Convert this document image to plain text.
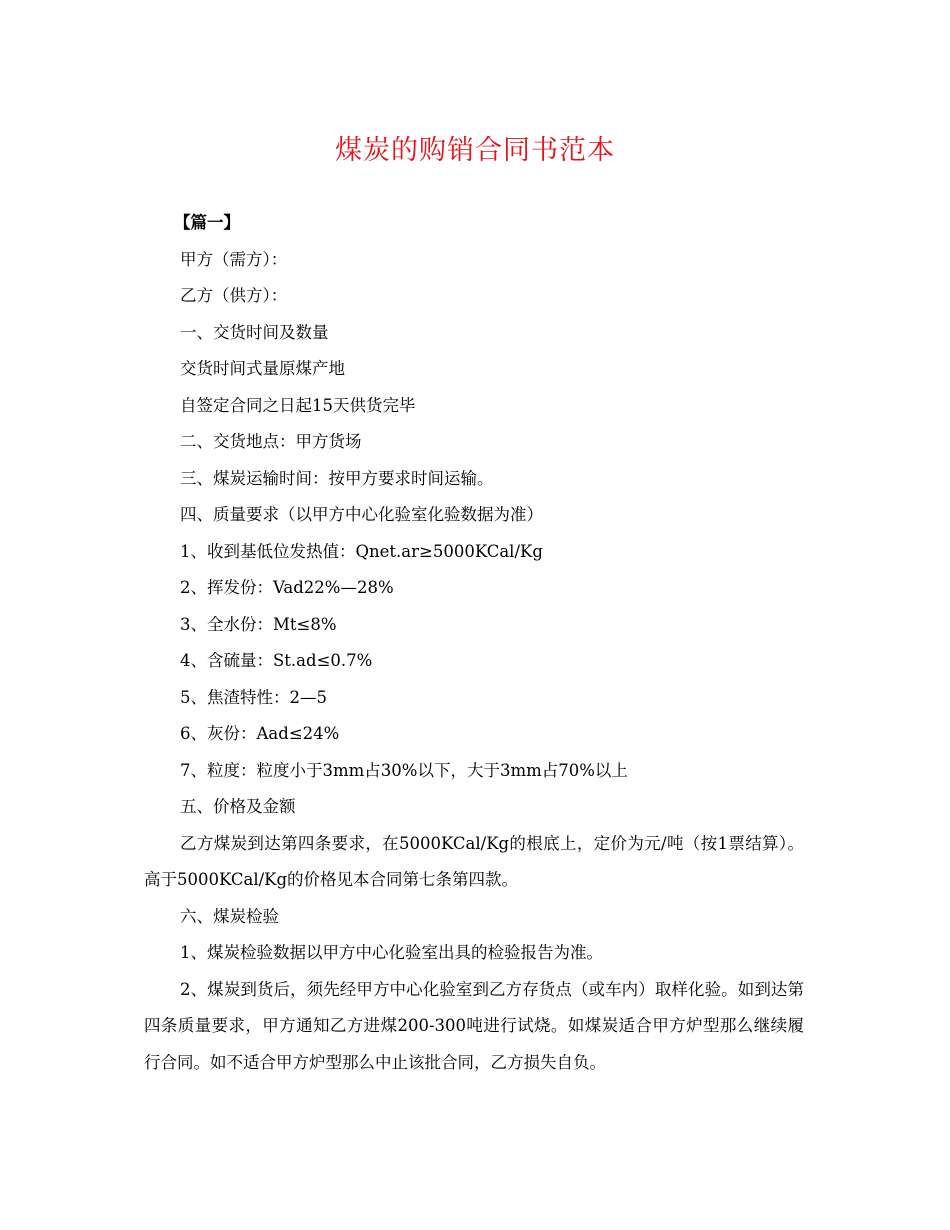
煤炭的购销合同书范本
【篇一】
甲方（需方）：
乙方（供方）：
一、交货时间及数量
交货时间式量原煤产地
自签定合同之日起15天供货完毕
二、交货地点：甲方货场
三、煤炭运输时间：按甲方要求时间运输。
四、质量要求（以甲方中心化验室化验数据为准）
1、收到基低位发热值：Qnet.ar≥5000KCal/Kg
2、挥发份：Vad22%—28%
3、全水份：Mt≤8%
4、含硫量：St.ad≤0.7%
5、焦渣特性：2—5
6、灰份：Aad≤24%
7、粒度：粒度小于3mm占30%以下，大于3mm占70%以上
五、价格及金额
乙方煤炭到达第四条要求，在5000KCal/Kg的根底上，定价为元/吨（按1票结算）。高于5000KCal/Kg的价格见本合同第七条第四款。
六、煤炭检验
1、煤炭检验数据以甲方中心化验室出具的检验报告为准。
2、煤炭到货后，须先经甲方中心化验室到乙方存货点（或车内）取样化验。如到达第四条质量要求，甲方通知乙方进煤200-300吨进行试烧。如煤炭适合甲方炉型那么继续履行合同。如不适合甲方炉型那么中止该批合同，乙方损失自负。
